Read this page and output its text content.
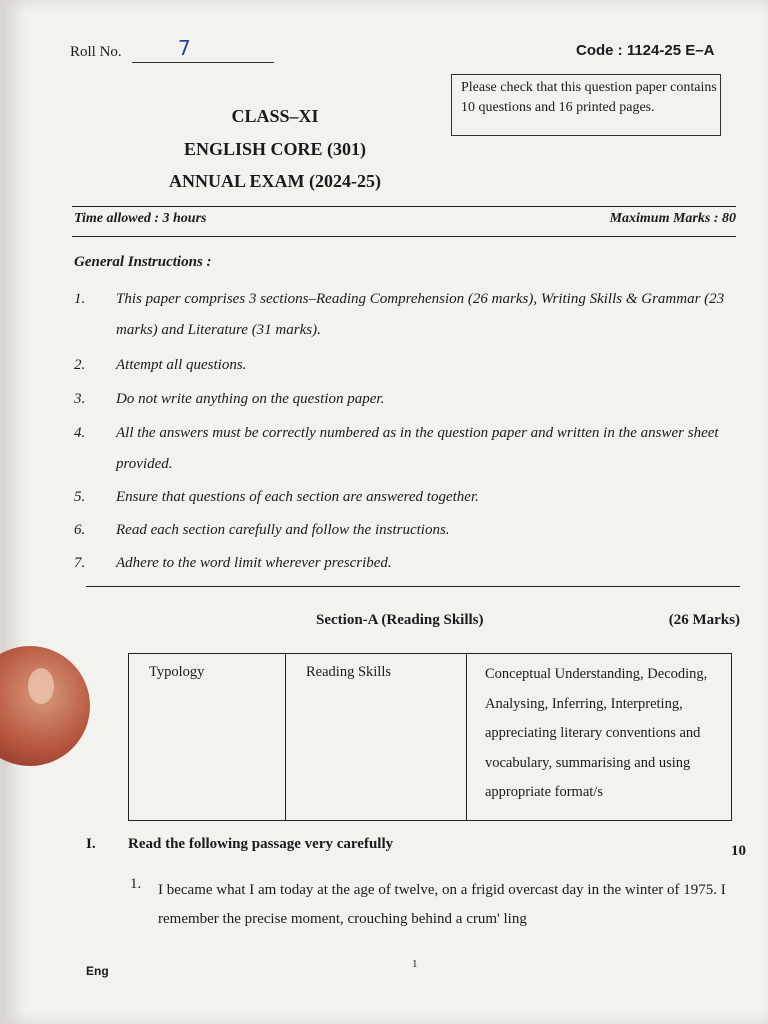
Roll No.	7	Code : 1124-25 E–A
Please check that this question paper contains 10 questions and 16 printed pages.
CLASS–XI
ENGLISH CORE (301)
ANNUAL EXAM (2024-25)
Time allowed : 3 hours	Maximum Marks : 80
General Instructions :
1.	This paper comprises 3 sections–Reading Comprehension (26 marks), Writing Skills & Grammar (23 marks) and Literature (31 marks).
2.	Attempt all questions.
3.	Do not write anything on the question paper.
4.	All the answers must be correctly numbered as in the question paper and written in the answer sheet provided.
5.	Ensure that questions of each section are answered together.
6.	Read each section carefully and follow the instructions.
7.	Adhere to the word limit wherever prescribed.
Section-A (Reading Skills)	(26 Marks)
Typology	Reading Skills	Conceptual Understanding, Decoding, Analysing, Inferring, Interpreting, appreciating literary conventions and vocabulary, summarising and using appropriate format/s
I. Read the following passage very carefully	10
1. I became what I am today at the age of twelve, on a frigid overcast day in the winter of 1975. I remember the precise moment, crouching behind a crum' ling
Eng	1
